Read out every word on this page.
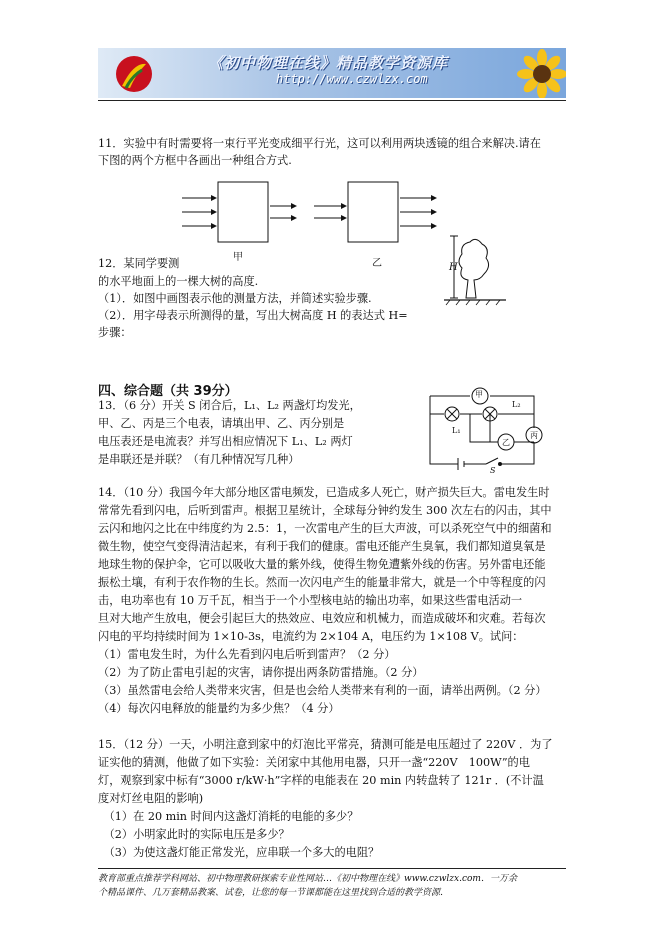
《初中物理在线》精品教学资源库
http://www.czwlzx.com
11．实验中有时需要将一束行平光变成细平行光，这可以利用两块透镜的组合来解决.请在
下图的两个方框中各画出一种组合方式.
12．某同学要测	甲
乙
的水平地面上的一棵大树的高度.
（1）．如图中画图表示他的测量方法，并简述实验步骤.
（2）．用字母表示所测得的量，写出大树高度 H 的表达式 H=
步骤：
H
四、综合题（共 39分）
13．（6 分）开关 S 闭合后，L₁、L₂ 两盏灯均发光，
甲、乙、丙是三个电表，请填出甲、乙、丙分别是
电压表还是电流表？并写出相应情况下 L₁、L₂ 两灯
是串联还是并联？（有几种情况写几种）
甲
乙
丙
L₁
L₂
S
14．（10 分）我国今年大部分地区雷电频发，已造成多人死亡，财产损失巨大。雷电发生时
常常先看到闪电，后听到雷声。根据卫星统计，全球每分钟约发生 300 次左右的闪击，其中
云闪和地闪之比在中纬度约为 2.5：1，一次雷电产生的巨大声波，可以杀死空气中的细菌和
微生物，使空气变得清洁起来，有利于我们的健康。雷电还能产生臭氧，我们都知道臭氧是
地球生物的保护伞，它可以吸收大量的紫外线，使得生物免遭紫外线的伤害。另外雷电还能
振松土壤，有利于农作物的生长。然而一次闪电产生的能量非常大，就是一个中等程度的闪
击，电功率也有 10 万千瓦，相当于一个小型核电站的输出功率，如果这些雷电活动一
旦对大地产生放电，便会引起巨大的热效应、电效应和机械力，而造成破坏和灾难。若每次
闪电的平均持续时间为 1×10-3s，电流约为 2×104 A，电压约为 1×108 V。试问：
（1）雷电发生时，为什么先看到闪电后听到雷声？（2 分）
（2）为了防止雷电引起的灾害，请你提出两条防雷措施。（2 分）
（3）虽然雷电会给人类带来灾害，但是也会给人类带来有利的一面，请举出两例。（2 分）
（4）每次闪电释放的能量约为多少焦？（4 分）
15．（12 分）一天，小明注意到家中的灯泡比平常亮，猜测可能是电压超过了 220V ．为了
证实他的猜测，他做了如下实验：关闭家中其他用电器，只开一盏“220V　100W”的电
灯，观察到家中标有“3000 r/kW·h”字样的电能表在 20 min 内转盘转了 121r ．(不计温
度对灯丝电阻的影响)
　（1）在 20 min 时间内这盏灯消耗的电能的多少？
　（2）小明家此时的实际电压是多少？
　（3）为使这盏灯能正常发光，应串联一个多大的电阻？
教育部重点推荐学科网站、初中物理教研探索专业性网站…《初中物理在线》www.czwlzx.com．一万余
个精品课件、几万套精品教案、试卷，让您的每一节课都能在这里找到合适的教学资源．
